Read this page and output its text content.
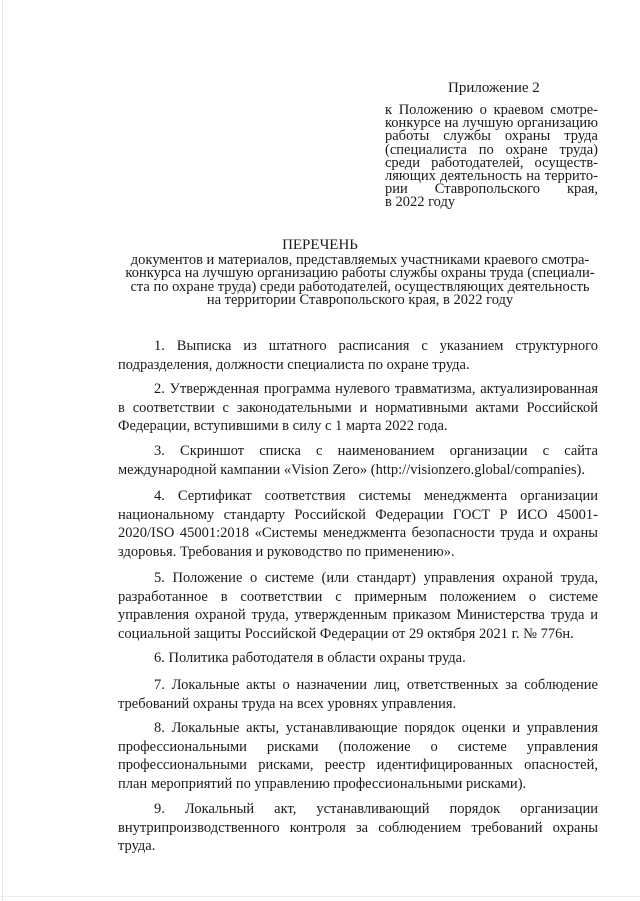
Приложение 2
к Положению о краевом смотре-
конкурсе на лучшую организацию
работы службы охраны труда
(специалиста по охране труда)
среди работодателей, осуществ-
ляющих деятельность на террито-
рии Ставропольского края,
в 2022 году
ПЕРЕЧЕНЬ
документов и материалов, представляемых участниками краевого смотра-
конкурса на лучшую организацию работы службы охраны труда (специали-
ста по охране труда) среди работодателей, осуществляющих деятельность
на территории Ставропольского края, в 2022 году

1. Выписка из штатного расписания с указанием структурного подразделения, должности специалиста по охране труда.

2. Утвержденная программа нулевого травматизма, актуализированная в соответствии с законодательными и нормативными актами Российской Федерации, вступившими в силу с 1 марта 2022 года.

3. Скриншот списка с наименованием организации с сайта международной кампании «Vision Zero» (http://visionzero.global/companies).

4. Сертификат соответствия системы менеджмента организации национальному стандарту Российской Федерации ГОСТ Р ИСО 45001-2020/ISO 45001:2018 «Системы менеджмента безопасности труда и охраны здоровья. Требования и руководство по применению».

5. Положение о системе (или стандарт) управления охраной труда, разработанное в соответствии с примерным положением о системе управления охраной труда, утвержденным приказом Министерства труда и социальной защиты Российской Федерации от 29 октября 2021 г. № 776н.

6. Политика работодателя в области охраны труда.

7. Локальные акты о назначении лиц, ответственных за соблюдение требований охраны труда на всех уровнях управления.

8. Локальные акты, устанавливающие порядок оценки и управления профессиональными рисками (положение о системе управления профессиональными рисками, реестр идентифицированных опасностей, план мероприятий по управлению профессиональными рисками).

9. Локальный акт, устанавливающий порядок организации внутрипроизводственного контроля за соблюдением требований охраны труда.
